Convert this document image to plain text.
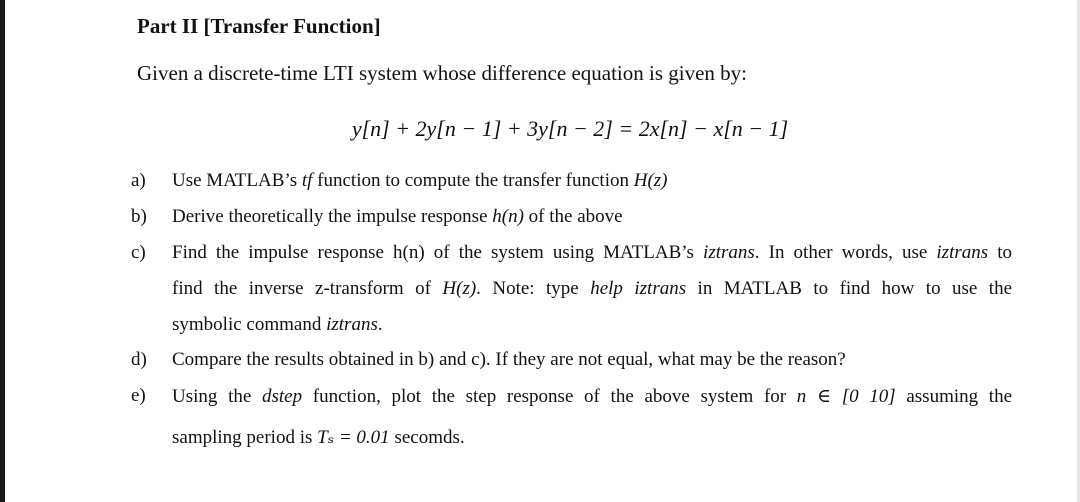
Part II [Transfer Function]
Given a discrete-time LTI system whose difference equation is given by:
y[n] + 2y[n − 1] + 3y[n − 2] = 2x[n] − x[n − 1]
a) Use MATLAB’s tf function to compute the transfer function H(z)
b) Derive theoretically the impulse response h(n) of the above
c) Find the impulse response h(n) of the system using MATLAB’s iztrans. In other words, use iztrans to
find the inverse z-transform of H(z). Note: type help iztrans in MATLAB to find how to use the
symbolic command iztrans.
d) Compare the results obtained in b) and c). If they are not equal, what may be the reason?
e) Using the dstep function, plot the step response of the above system for n ∈ [0 10] assuming the
sampling period is Tₛ = 0.01 secomds.
